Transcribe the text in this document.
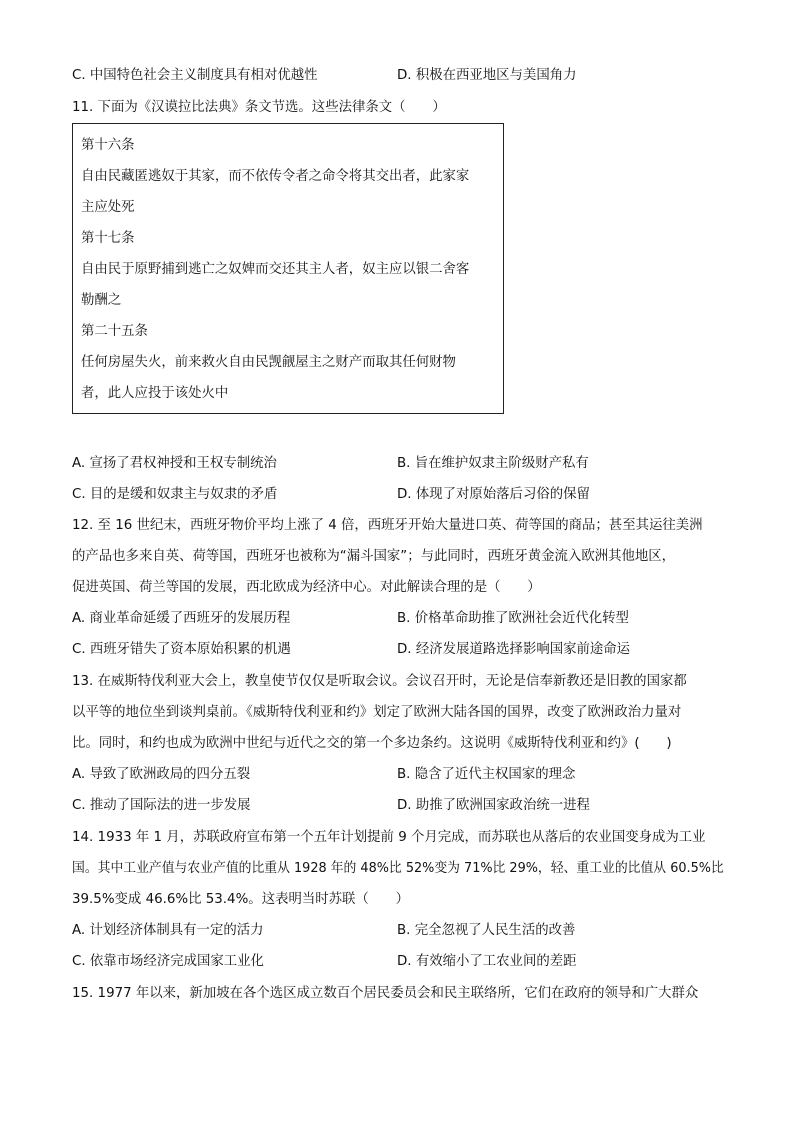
C. 中国特色社会主义制度具有相对优越性	D. 积极在西亚地区与美国角力
11. 下面为《汉谟拉比法典》条文节选。这些法律条文（　　）
第十六条
自由民藏匿逃奴于其家，而不依传令者之命令将其交出者，此家家
主应处死
第十七条
自由民于原野捕到逃亡之奴婢而交还其主人者，奴主应以银二舍客
勒酬之
第二十五条
任何房屋失火，前来救火自由民觊觎屋主之财产而取其任何财物
者，此人应投于该处火中
A. 宣扬了君权神授和王权专制统治	B. 旨在维护奴隶主阶级财产私有
C. 目的是缓和奴隶主与奴隶的矛盾	D. 体现了对原始落后习俗的保留
12. 至 16 世纪末，西班牙物价平均上涨了 4 倍，西班牙开始大量进口英、荷等国的商品；甚至其运往美洲
的产品也多来自英、荷等国，西班牙也被称为“漏斗国家”；与此同时，西班牙黄金流入欧洲其他地区，
促进英国、荷兰等国的发展，西北欧成为经济中心。对此解读合理的是（　　）
A. 商业革命延缓了西班牙的发展历程	B. 价格革命助推了欧洲社会近代化转型
C. 西班牙错失了资本原始积累的机遇	D. 经济发展道路选择影响国家前途命运
13. 在威斯特伐利亚大会上，教皇使节仅仅是听取会议。会议召开时，无论是信奉新教还是旧教的国家都
以平等的地位坐到谈判桌前。《威斯特伐利亚和约》划定了欧洲大陆各国的国界，改变了欧洲政治力量对
比。同时，和约也成为欧洲中世纪与近代之交的第一个多边条约。这说明《威斯特伐利亚和约》(　　)
A. 导致了欧洲政局的四分五裂	B. 隐含了近代主权国家的理念
C. 推动了国际法的进一步发展	D. 助推了欧洲国家政治统一进程
14. 1933 年 1 月，苏联政府宣布第一个五年计划提前 9 个月完成，而苏联也从落后的农业国变身成为工业
国。其中工业产值与农业产值的比重从 1928 年的 48%比 52%变为 71%比 29%，轻、重工业的比值从 60.5%比
39.5%变成 46.6%比 53.4%。这表明当时苏联（　　）
A. 计划经济体制具有一定的活力	B. 完全忽视了人民生活的改善
C. 依靠市场经济完成国家工业化	D. 有效缩小了工农业间的差距
15. 1977 年以来，新加坡在各个选区成立数百个居民委员会和民主联络所，它们在政府的领导和广大群众
